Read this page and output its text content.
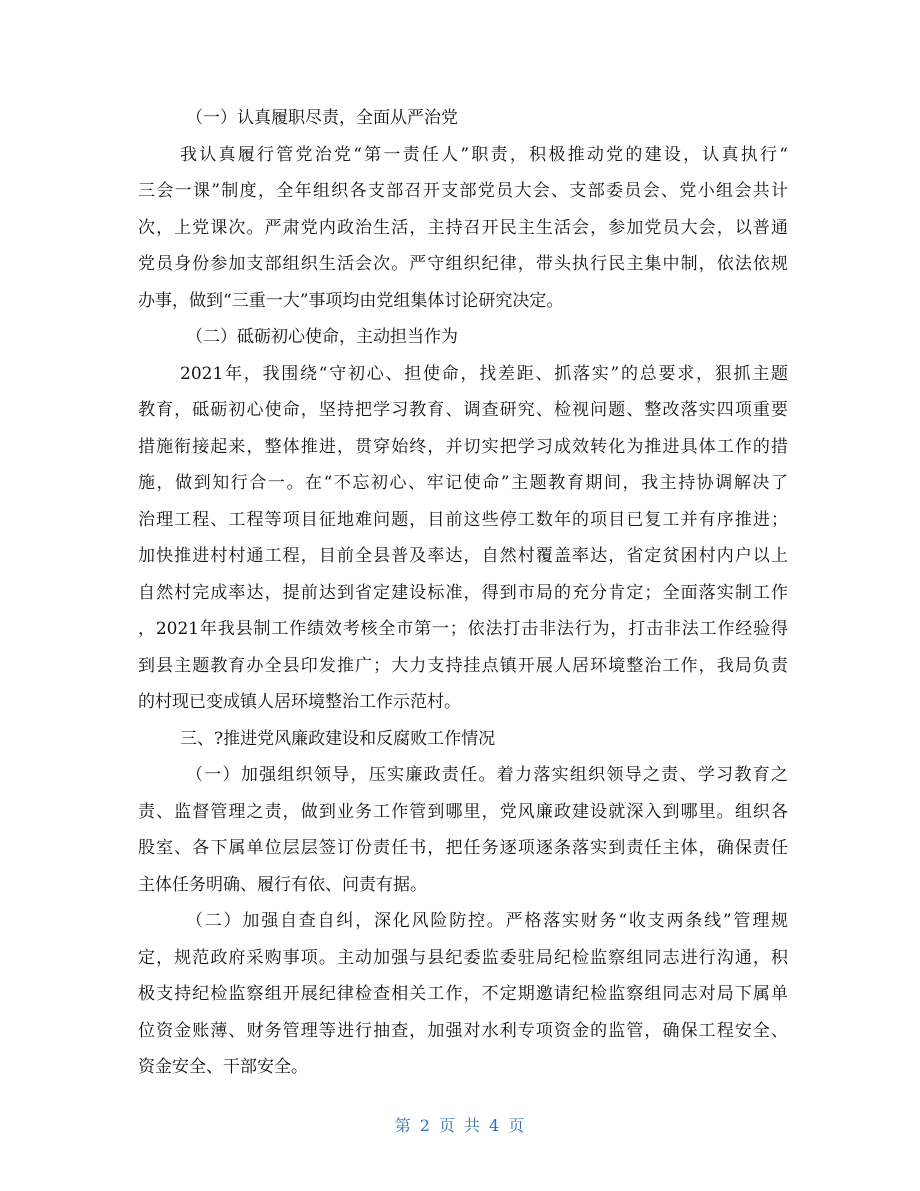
（一）认真履职尽责，全面从严治党
我认真履行管党治党“第一责任人”职责，积极推动党的建设，认真执行“
三会一课”制度，全年组织各支部召开支部党员大会、支部委员会、党小组会共计
次，上党课次。严肃党内政治生活，主持召开民主生活会，参加党员大会，以普通
党员身份参加支部组织生活会次。严守组织纪律，带头执行民主集中制，依法依规
办事，做到“三重一大”事项均由党组集体讨论研究决定。
（二）砥砺初心使命，主动担当作为
2021年，我围绕“守初心、担使命，找差距、抓落实”的总要求，狠抓主题
教育，砥砺初心使命，坚持把学习教育、调查研究、检视问题、整改落实四项重要
措施衔接起来，整体推进，贯穿始终，并切实把学习成效转化为推进具体工作的措
施，做到知行合一。在“不忘初心、牢记使命”主题教育期间，我主持协调解决了
治理工程、工程等项目征地难问题，目前这些停工数年的项目已复工并有序推进；
加快推进村村通工程，目前全县普及率达，自然村覆盖率达，省定贫困村内户以上
自然村完成率达，提前达到省定建设标准，得到市局的充分肯定；全面落实制工作
，2021年我县制工作绩效考核全市第一；依法打击非法行为，打击非法工作经验得
到县主题教育办全县印发推广；大力支持挂点镇开展人居环境整治工作，我局负责
的村现已变成镇人居环境整治工作示范村。
三、?推进党风廉政建设和反腐败工作情况
（一）加强组织领导，压实廉政责任。着力落实组织领导之责、学习教育之
责、监督管理之责，做到业务工作管到哪里，党风廉政建设就深入到哪里。组织各
股室、各下属单位层层签订份责任书，把任务逐项逐条落实到责任主体，确保责任
主体任务明确、履行有依、问责有据。
（二）加强自查自纠，深化风险防控。严格落实财务“收支两条线”管理规
定，规范政府采购事项。主动加强与县纪委监委驻局纪检监察组同志进行沟通，积
极支持纪检监察组开展纪律检查相关工作，不定期邀请纪检监察组同志对局下属单
位资金账薄、财务管理等进行抽查，加强对水利专项资金的监管，确保工程安全、
资金安全、干部安全。
第 2 页 共 4 页
